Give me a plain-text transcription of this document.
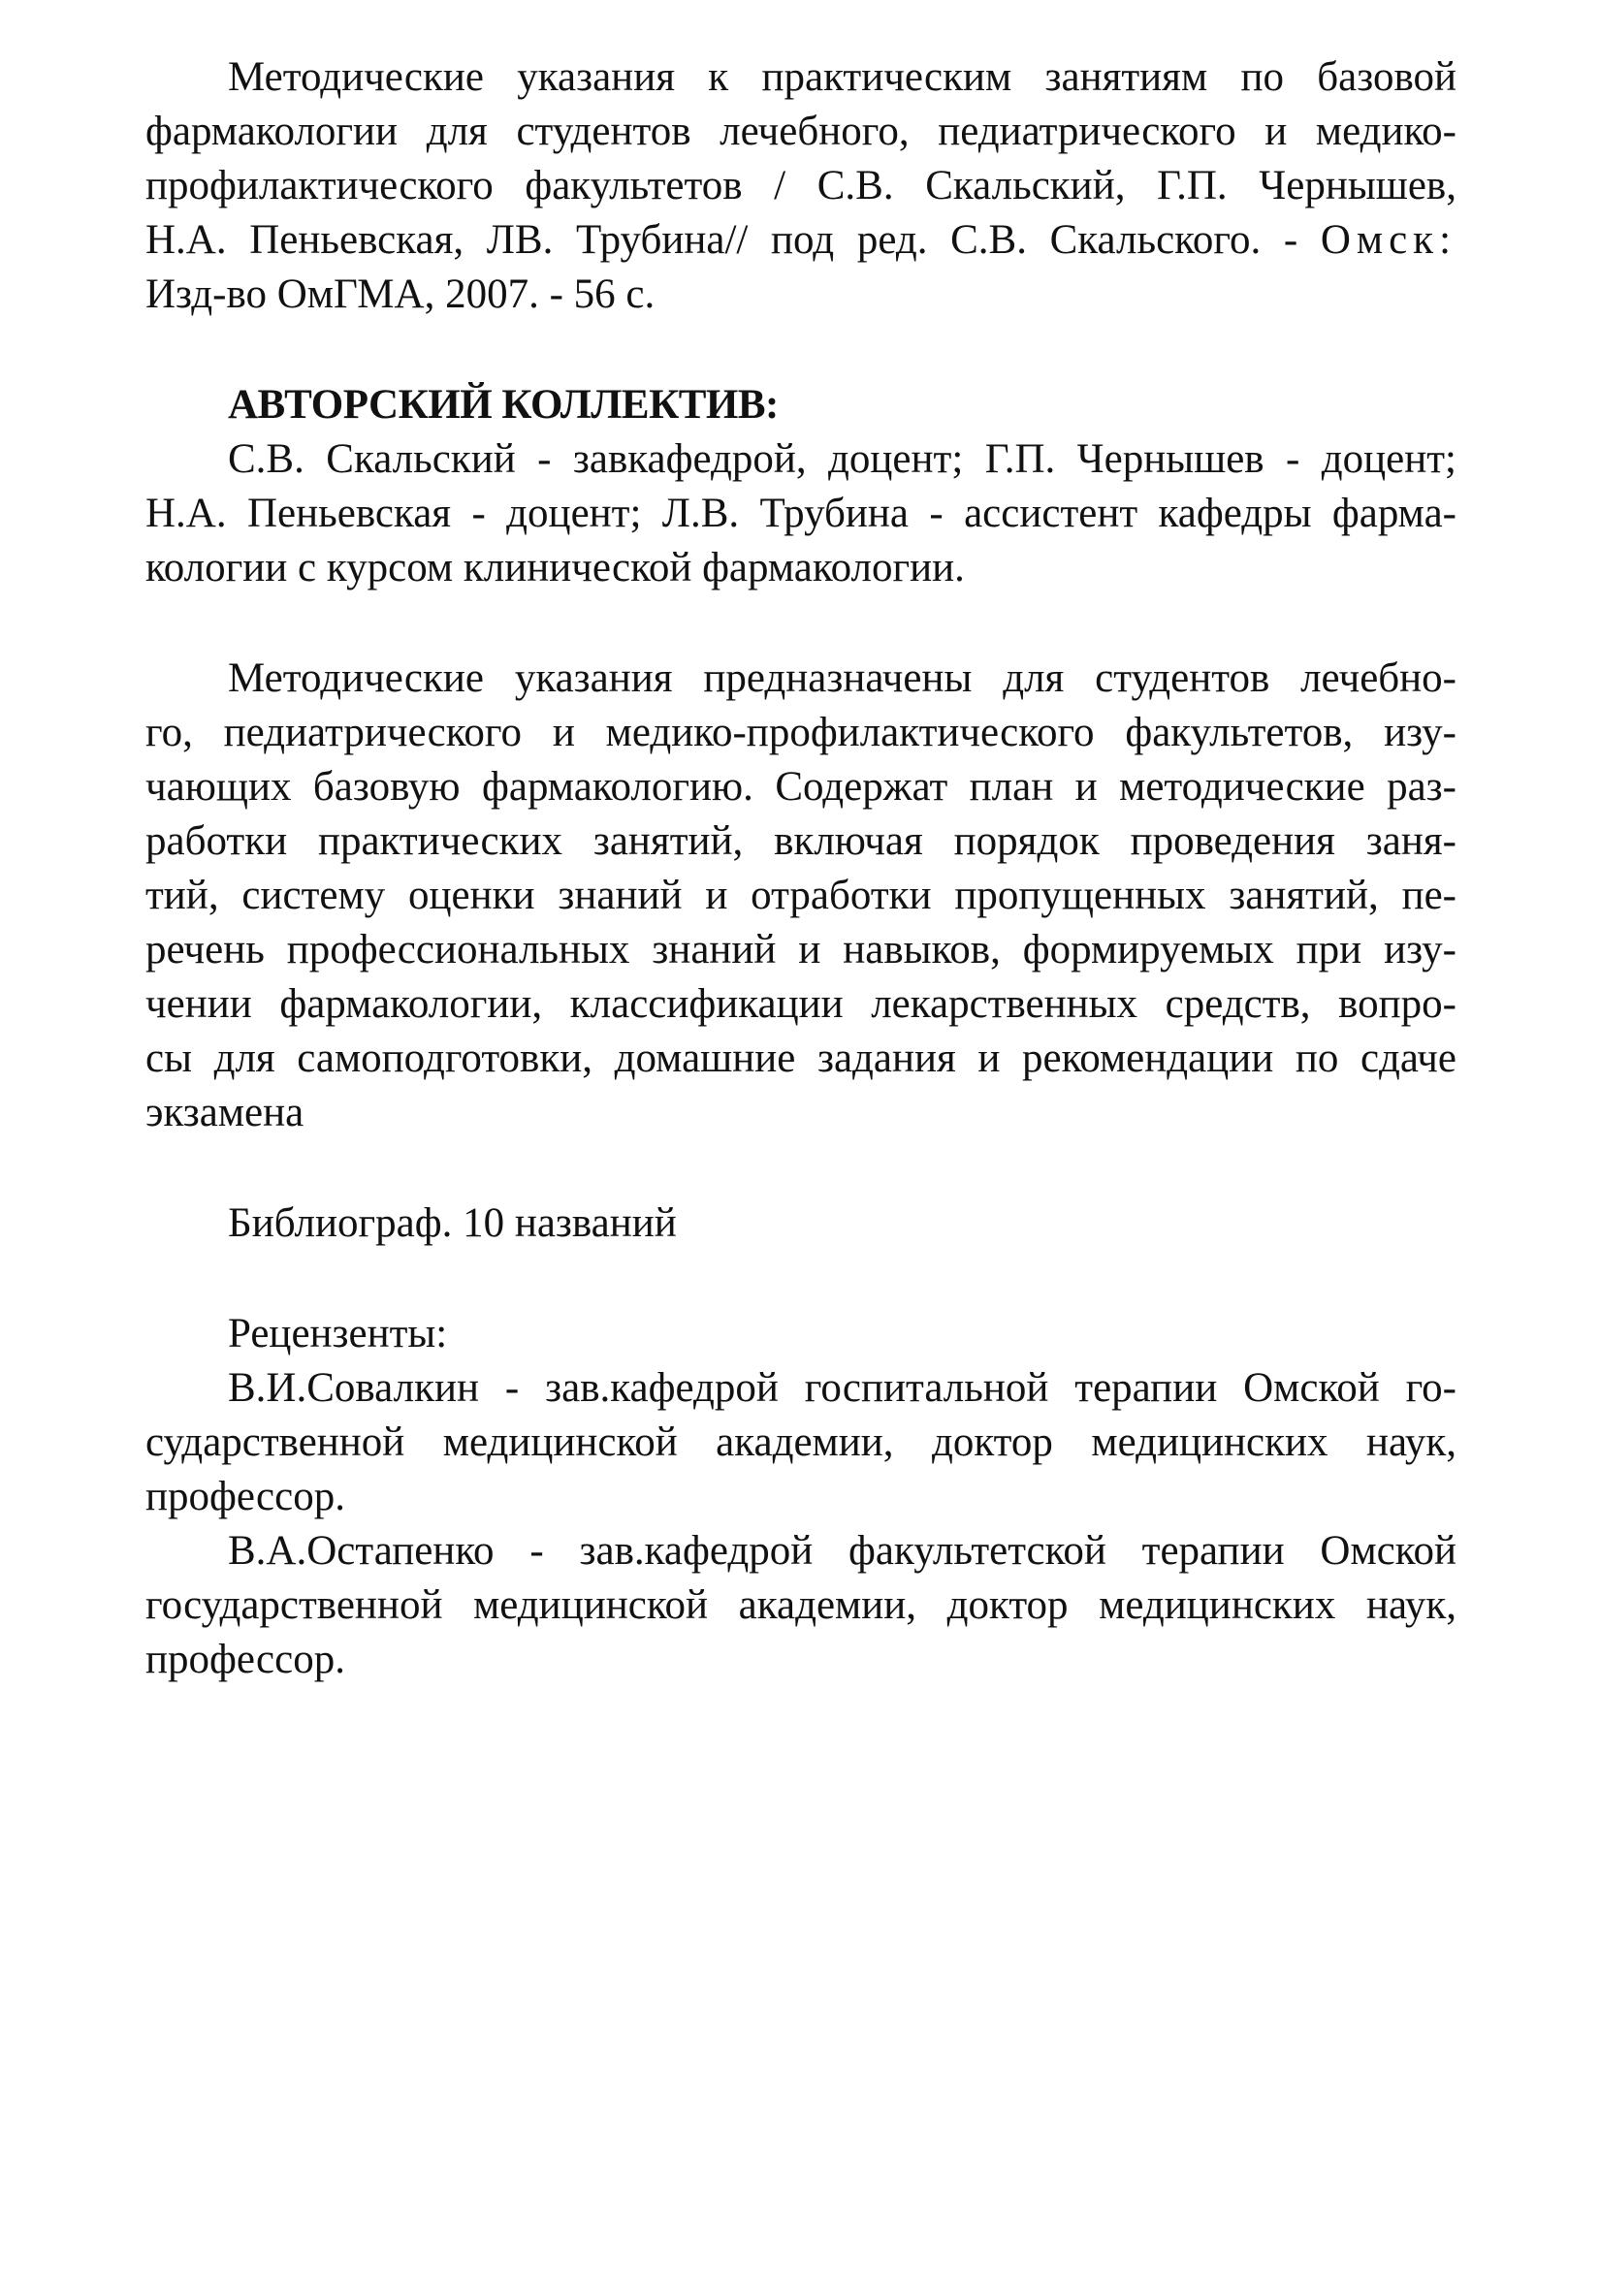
Методические указания к практическим занятиям по базовой

фармакологии для студентов лечебного, педиатрического и медико-

профилактического факультетов / С.В. Скальский, Г.П. Чернышев,

Н.А. Пеньевская, ЛВ. Трубина// под ред. С.В. Скальского. - Омск:

Изд-во ОмГМА, 2007. - 56 с.

АВТОРСКИЙ КОЛЛЕКТИВ:

С.В. Скальский - завкафедрой, доцент; Г.П. Чернышев - доцент;

Н.А. Пеньевская - доцент; Л.В. Трубина - ассистент кафедры фарма-

кологии с курсом клинической фармакологии.

Методические указания предназначены для студентов лечебно-

го, педиатрического и медико-профилактического факультетов, изу-

чающих базовую фармакологию. Содержат план и методические раз-

работки практических занятий, включая порядок проведения заня-

тий, систему оценки знаний и отработки пропущенных занятий, пе-

речень профессиональных знаний и навыков, формируемых при изу-

чении фармакологии, классификации лекарственных средств, вопро-

сы для самоподготовки, домашние задания и рекомендации по сдаче

экзамена

Библиограф. 10 названий

Рецензенты:

В.И.Совалкин - зав.кафедрой госпитальной терапии Омской го-

сударственной медицинской академии, доктор медицинских наук,

профессор.

В.А.Остапенко - зав.кафедрой факультетской терапии Омской

государственной медицинской академии, доктор медицинских наук,

профессор.
